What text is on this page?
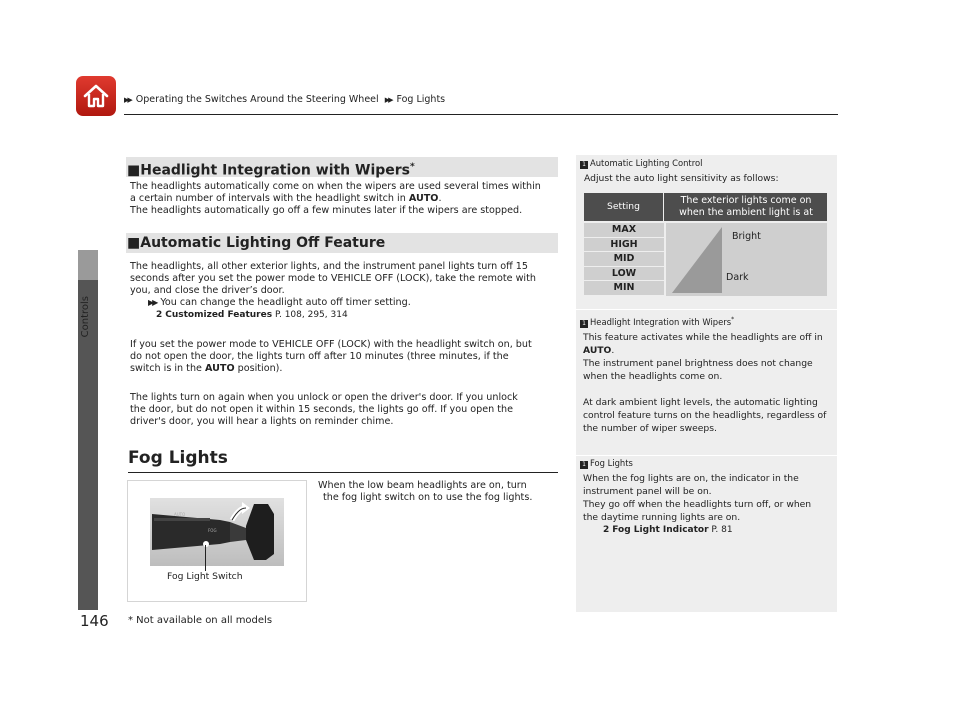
▶▶ Operating the Switches Around the Steering Wheel ▶▶ Fog Lights
Controls
146
■Headlight Integration with Wipers*
The headlights automatically come on when the wipers are used several times within
a certain number of intervals with the headlight switch in AUTO.
The headlights automatically go off a few minutes later if the wipers are stopped.
■Automatic Lighting Off Feature
The headlights, all other exterior lights, and the instrument panel lights turn off 15
seconds after you set the power mode to VEHICLE OFF (LOCK), take the remote with
you, and close the driver’s door.
▶▶ You can change the headlight auto off timer setting.
2 Customized Features P. 108, 295, 314
If you set the power mode to VEHICLE OFF (LOCK) with the headlight switch on, but
do not open the door, the lights turn off after 10 minutes (three minutes, if the
switch is in the AUTO position).
The lights turn on again when you unlock or open the driver's door. If you unlock
the door, but do not open it within 15 seconds, the lights go off. If you open the
driver's door, you will hear a lights on reminder chime.
Fog Lights
When the low beam headlights are on, turn
the fog light switch on to use the fog lights.
AUTO
FOG
Fog Light Switch
* Not available on all models
1 Automatic Lighting Control
Adjust the auto light sensitivity as follows:
1 Headlight Integration with Wipers*
This feature activates while the headlights are off in
AUTO.
The instrument panel brightness does not change
when the headlights come on.
At dark ambient light levels, the automatic lighting
control feature turns on the headlights, regardless of
the number of wiper sweeps.
1 Fog Lights
When the fog lights are on, the indicator in the
instrument panel will be on.
They go off when the headlights turn off, or when
the daytime running lights are on.
2 Fog Light Indicator P. 81
Setting
The exterior lights come on
when the ambient light is at
MAX
HIGH
MID
LOW
MIN
Bright
Dark
